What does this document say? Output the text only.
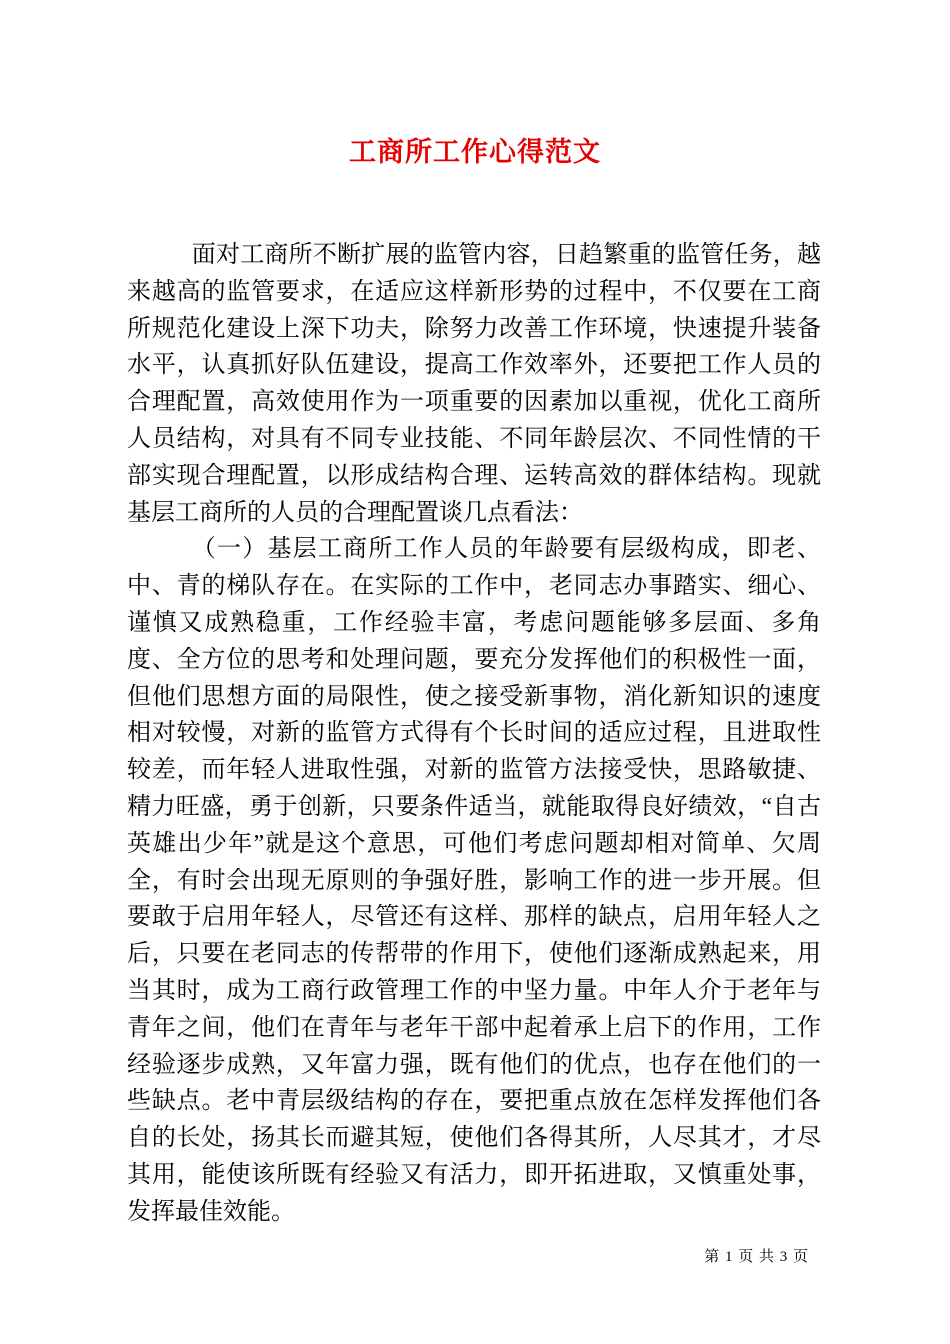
工商所工作心得范文

面对工商所不断扩展的监管内容，日趋繁重的监管任务，越来越高的监管要求，在适应这样新形势的过程中，不仅要在工商所规范化建设上深下功夫，除努力改善工作环境，快速提升装备水平，认真抓好队伍建设，提高工作效率外，还要把工作人员的合理配置，高效使用作为一项重要的因素加以重视，优化工商所人员结构，对具有不同专业技能、不同年龄层次、不同性情的干部实现合理配置，以形成结构合理、运转高效的群体结构。现就基层工商所的人员的合理配置谈几点看法：

（一）基层工商所工作人员的年龄要有层级构成，即老、中、青的梯队存在。在实际的工作中，老同志办事踏实、细心、谨慎又成熟稳重，工作经验丰富，考虑问题能够多层面、多角度、全方位的思考和处理问题，要充分发挥他们的积极性一面，但他们思想方面的局限性，使之接受新事物，消化新知识的速度相对较慢，对新的监管方式得有个长时间的适应过程，且进取性较差，而年轻人进取性强，对新的监管方法接受快，思路敏捷、精力旺盛，勇于创新，只要条件适当，就能取得良好绩效，“自古英雄出少年”就是这个意思，可他们考虑问题却相对简单、欠周全，有时会出现无原则的争强好胜，影响工作的进一步开展。但要敢于启用年轻人，尽管还有这样、那样的缺点，启用年轻人之后，只要在老同志的传帮带的作用下，使他们逐渐成熟起来，用当其时，成为工商行政管理工作的中坚力量。中年人介于老年与青年之间，他们在青年与老年干部中起着承上启下的作用，工作经验逐步成熟，又年富力强，既有他们的优点，也存在他们的一些缺点。老中青层级结构的存在，要把重点放在怎样发挥他们各自的长处，扬其长而避其短，使他们各得其所，人尽其才，才尽其用，能使该所既有经验又有活力，即开拓进取，又慎重处事，发挥最佳效能。

第 1 页 共 3 页
